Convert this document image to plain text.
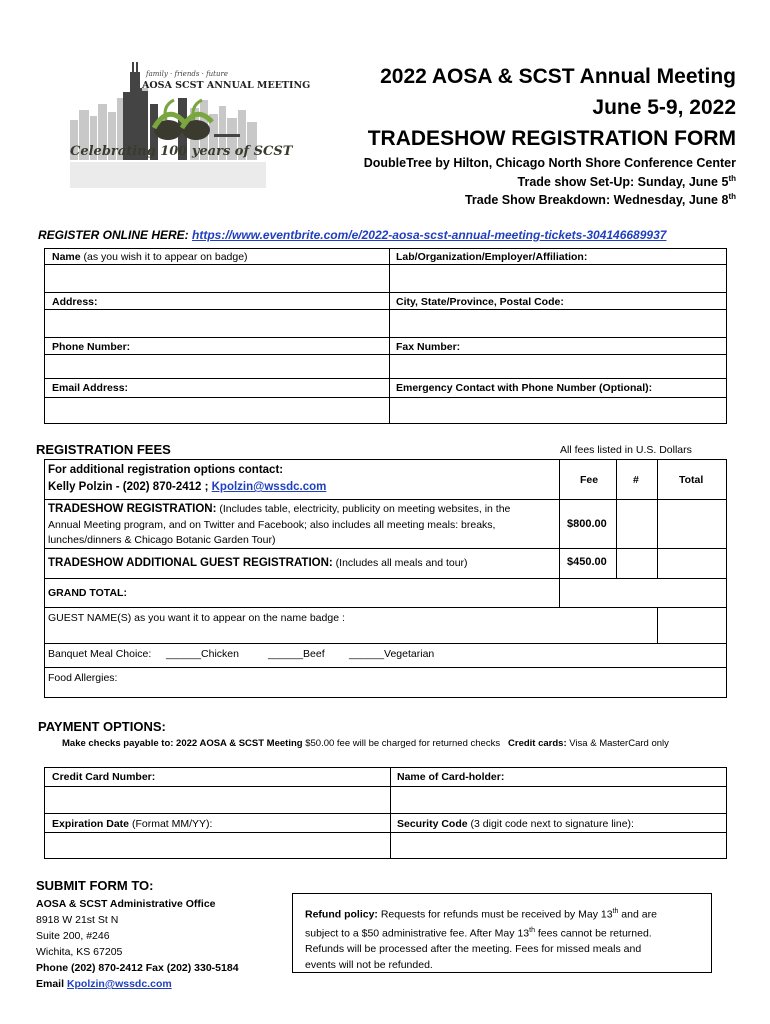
family · friends · future
AOSA SCST ANNUAL MEETING
Celebrating 100 years of SCST
2022 AOSA & SCST Annual Meeting
June 5-9, 2022
TRADESHOW REGISTRATION FORM
DoubleTree by Hilton, Chicago North Shore Conference Center
Trade show Set-Up: Sunday, June 5th
Trade Show Breakdown: Wednesday, June 8th
REGISTER ONLINE HERE: https://www.eventbrite.com/e/2022-aosa-scst-annual-meeting-tickets-304146689937
Name (as you wish it to appear on badge)	Lab/Organization/Employer/Affiliation:
Address:	City, State/Province, Postal Code:
Phone Number:	Fax Number:
Email Address:	Emergency Contact with Phone Number (Optional):
REGISTRATION FEES	All fees listed in U.S. Dollars
For additional registration options contact:
Kelly Polzin - (202) 870-2412 ; Kpolzin@wssdc.com
Fee	#	Total
TRADESHOW REGISTRATION: (Includes table, electricity, publicity on meeting websites, in the
Annual Meeting program, and on Twitter and Facebook; also includes all meeting meals: breaks,
lunches/dinners & Chicago Botanic Garden Tour)
$800.00
TRADESHOW ADDITIONAL GUEST REGISTRATION: (Includes all meals and tour)	$450.00
GRAND TOTAL:
GUEST NAME(S) as you want it to appear on the name badge :
Banquet Meal Choice: ______Chicken	______Beef ______Vegetarian
Food Allergies:
PAYMENT OPTIONS:
Make checks payable to: 2022 AOSA & SCST Meeting $50.00 fee will be charged for returned checks Credit cards: Visa & MasterCard only
Credit Card Number:	Name of Card-holder:
Expiration Date (Format MM/YY):	Security Code (3 digit code next to signature line):
SUBMIT FORM TO:
AOSA & SCST Administrative Office
8918 W 21st St N
Suite 200, #246
Wichita, KS 67205
Phone (202) 870-2412 Fax (202) 330-5184
Email Kpolzin@wssdc.com
Refund policy: Requests for refunds must be received by May 13th and are
subject to a $50 administrative fee. After May 13th fees cannot be returned.
Refunds will be processed after the meeting. Fees for missed meals and
events will not be refunded.
